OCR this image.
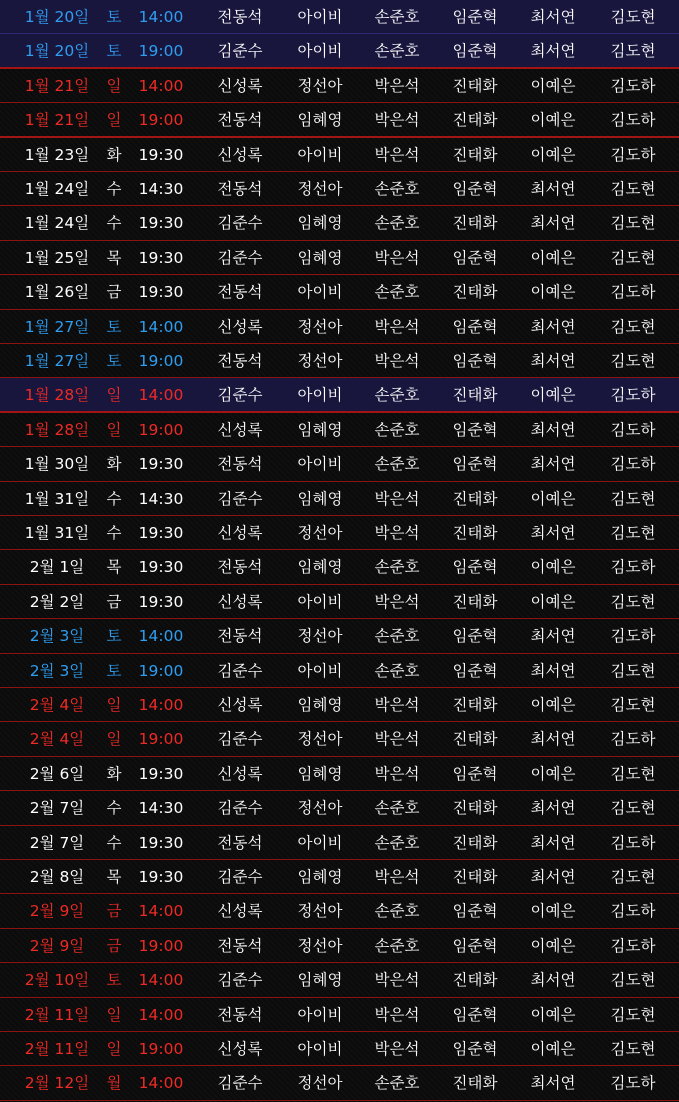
1월 20일	토	14:00	전동석	아이비	손준호	임준혁	최서연	김도현
1월 20일	토	19:00	김준수	아이비	손준호	임준혁	최서연	김도현
1월 21일	일	14:00	신성록	정선아	박은석	진태화	이예은	김도하
1월 21일	일	19:00	전동석	임혜영	박은석	진태화	이예은	김도하
1월 23일	화	19:30	신성록	아이비	박은석	진태화	이예은	김도하
1월 24일	수	14:30	전동석	정선아	손준호	임준혁	최서연	김도현
1월 24일	수	19:30	김준수	임혜영	손준호	진태화	최서연	김도현
1월 25일	목	19:30	김준수	임혜영	박은석	임준혁	이예은	김도현
1월 26일	금	19:30	전동석	아이비	손준호	진태화	이예은	김도하
1월 27일	토	14:00	신성록	정선아	박은석	임준혁	최서연	김도현
1월 27일	토	19:00	전동석	정선아	박은석	임준혁	최서연	김도현
1월 28일	일	14:00	김준수	아이비	손준호	진태화	이예은	김도하
1월 28일	일	19:00	신성록	임혜영	손준호	임준혁	최서연	김도하
1월 30일	화	19:30	전동석	아이비	손준호	임준혁	최서연	김도하
1월 31일	수	14:30	김준수	임혜영	박은석	진태화	이예은	김도현
1월 31일	수	19:30	신성록	정선아	박은석	진태화	최서연	김도현
2월 1일	목	19:30	전동석	임혜영	손준호	임준혁	이예은	김도하
2월 2일	금	19:30	신성록	아이비	박은석	진태화	이예은	김도현
2월 3일	토	14:00	전동석	정선아	손준호	임준혁	최서연	김도하
2월 3일	토	19:00	김준수	아이비	손준호	임준혁	최서연	김도현
2월 4일	일	14:00	신성록	임혜영	박은석	진태화	이예은	김도현
2월 4일	일	19:00	김준수	정선아	박은석	진태화	최서연	김도하
2월 6일	화	19:30	신성록	임혜영	박은석	임준혁	이예은	김도현
2월 7일	수	14:30	김준수	정선아	손준호	진태화	최서연	김도현
2월 7일	수	19:30	전동석	아이비	손준호	진태화	최서연	김도하
2월 8일	목	19:30	김준수	임혜영	박은석	진태화	최서연	김도현
2월 9일	금	14:00	신성록	정선아	손준호	임준혁	이예은	김도하
2월 9일	금	19:00	전동석	정선아	손준호	임준혁	이예은	김도하
2월 10일	토	14:00	김준수	임혜영	박은석	진태화	최서연	김도현
2월 11일	일	14:00	전동석	아이비	박은석	임준혁	이예은	김도현
2월 11일	일	19:00	신성록	아이비	박은석	임준혁	이예은	김도현
2월 12일	월	14:00	김준수	정선아	손준호	진태화	최서연	김도하
